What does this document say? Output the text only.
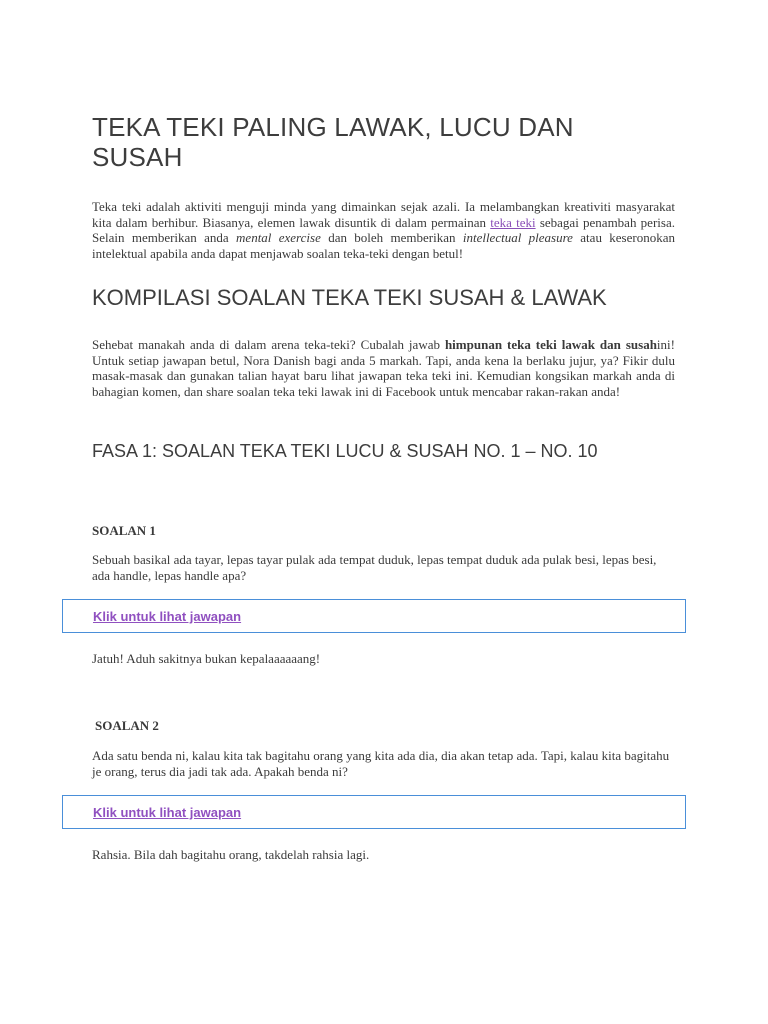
TEKA TEKI PALING LAWAK, LUCU DAN SUSAH
Teka teki adalah aktiviti menguji minda yang dimainkan sejak azali. Ia melambangkan kreativiti masyarakat kita dalam berhibur. Biasanya, elemen lawak disuntik di dalam permainan teka teki sebagai penambah perisa. Selain memberikan anda mental exercise dan boleh memberikan intellectual pleasure atau keseronokan intelektual apabila anda dapat menjawab soalan teka-teki dengan betul!
KOMPILASI SOALAN TEKA TEKI SUSAH & LAWAK
Sehebat manakah anda di dalam arena teka-teki? Cubalah jawab himpunan teka teki lawak dan susahini! Untuk setiap jawapan betul, Nora Danish bagi anda 5 markah. Tapi, anda kena la berlaku jujur, ya? Fikir dulu masak-masak dan gunakan talian hayat baru lihat jawapan teka teki ini. Kemudian kongsikan markah anda di bahagian komen, dan share soalan teka teki lawak ini di Facebook untuk mencabar rakan-rakan anda!
FASA 1: SOALAN TEKA TEKI LUCU & SUSAH NO. 1 – NO. 10
SOALAN 1
Sebuah basikal ada tayar, lepas tayar pulak ada tempat duduk, lepas tempat duduk ada pulak besi, lepas besi, ada handle, lepas handle apa?
Klik untuk lihat jawapan
Jatuh! Aduh sakitnya bukan kepalaaaaaang!
SOALAN 2
Ada satu benda ni, kalau kita tak bagitahu orang yang kita ada dia, dia akan tetap ada. Tapi, kalau kita bagitahu je orang, terus dia jadi tak ada. Apakah benda ni?
Klik untuk lihat jawapan
Rahsia. Bila dah bagitahu orang, takdelah rahsia lagi.
